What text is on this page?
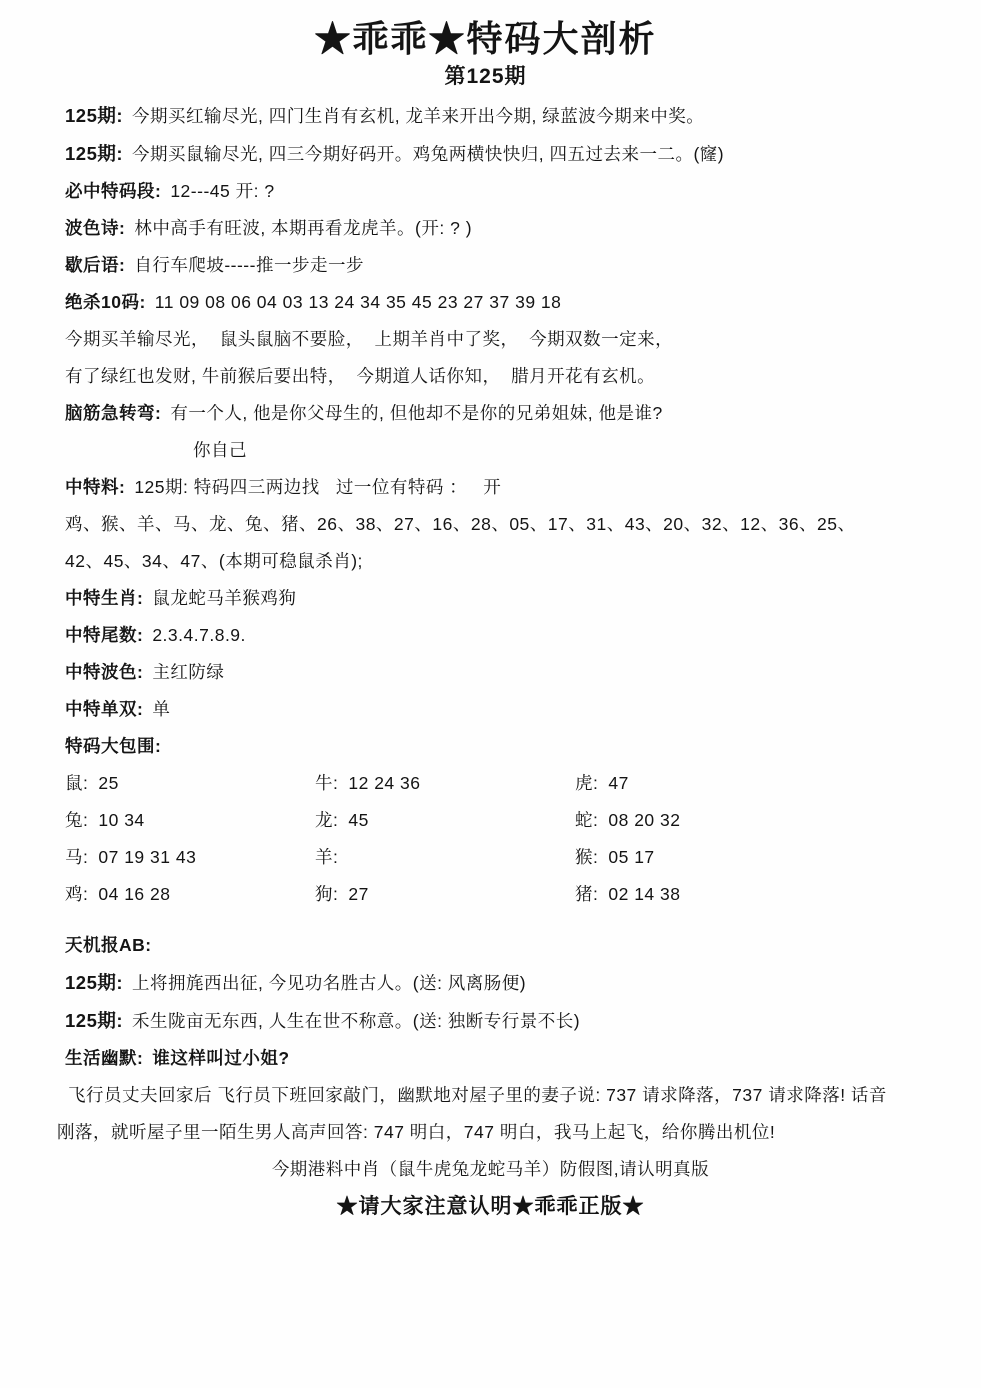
★乖乖★特码大剖析
第125期

125期: 今期买红输尽光, 四门生肖有玄机, 龙羊来开出今期, 绿蓝波今期来中奖。

125期: 今期买鼠输尽光, 四三今期好码开。鸡兔两横快快归, 四五过去来一二。(窿)

必中特码段: 12---45 开: ?

波色诗: 林中高手有旺波, 本期再看龙虎羊。(开: ? )

歇后语: 自行车爬坡-----推一步走一步

绝杀10码: 11 09 08 06 04 03 13 24 34 35 45 23 27 37 39 18

今期买羊输尽光，  鼠头鼠脑不要脸，  上期羊肖中了奖，  今期双数一定来，

有了绿红也发财, 牛前猴后要出特，  今期道人话你知，  腊月开花有玄机。

脑筋急转弯: 有一个人, 他是你父母生的, 但他却不是你的兄弟姐妹, 他是谁?

你自己

中特料: 125期: 特码四三两边找   过一位有特码 ：   开

鸡、猴、羊、马、龙、兔、猪、26、38、27、16、28、05、17、31、43、20、32、12、36、25、

42、45、34、47、(本期可稳鼠杀肖);

中特生肖: 鼠龙蛇马羊猴鸡狗

中特尾数: 2.3.4.7.8.9.

中特波色: 主红防绿

中特单双: 单

特码大包围:

鼠: 25	牛: 12 24 36	虎: 47
兔: 10 34	龙: 45	蛇: 08 20 32
马: 07 19 31 43	羊:	猴: 05 17
鸡: 04 16 28	狗: 27	猪: 02 14 38

天机报AB:

125期: 上将拥旄西出征, 今见功名胜古人。(送: 风离肠便)

125期: 禾生陇亩无东西, 人生在世不称意。(送: 独断专行景不长)

生活幽默: 谁这样叫过小姐?

飞行员丈夫回家后 飞行员下班回家敲门，幽默地对屋子里的妻子说: 737 请求降落，737 请求降落! 话音

刚落，就听屋子里一陌生男人高声回答: 747 明白，747 明白，我马上起飞，给你腾出机位!

今期港料中肖（鼠牛虎兔龙蛇马羊）防假图,请认明真版
★请大家注意认明★乖乖正版★
